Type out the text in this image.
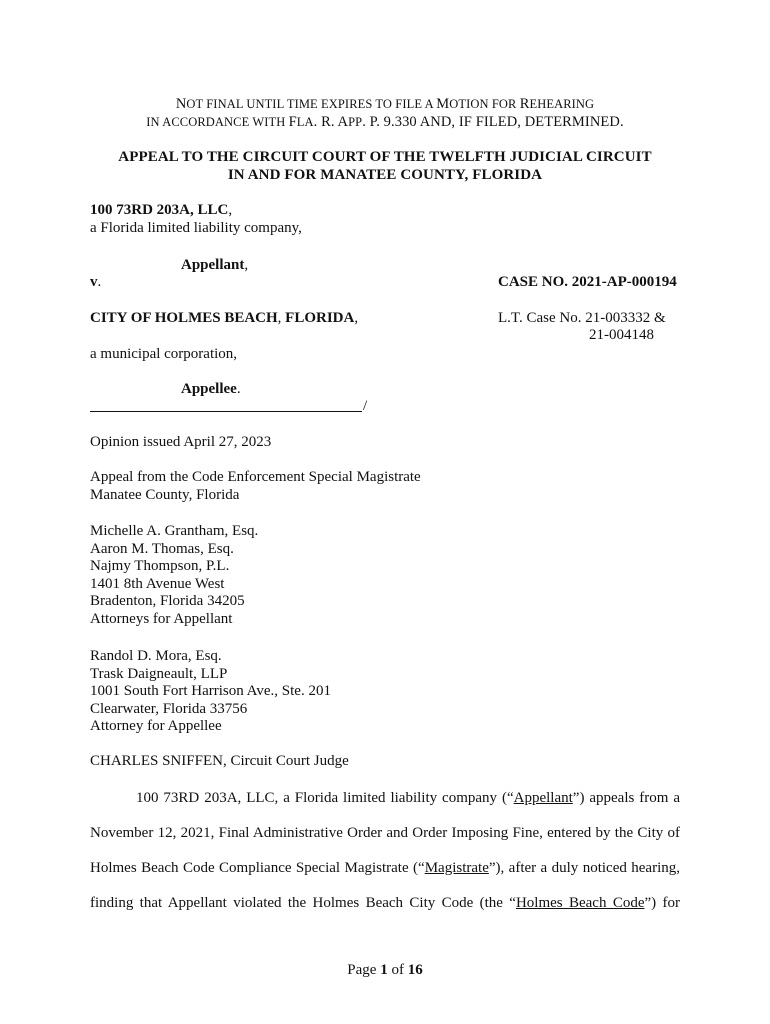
NOT FINAL UNTIL TIME EXPIRES TO FILE A MOTION FOR REHEARING
IN ACCORDANCE WITH FLA. R. APP. P. 9.330 AND, IF FILED, DETERMINED.
APPEAL TO THE CIRCUIT COURT OF THE TWELFTH JUDICIAL CIRCUIT
IN AND FOR MANATEE COUNTY, FLORIDA
100 73RD 203A, LLC,
a Florida limited liability company,
Appellant,
v.	CASE NO. 2021-AP-000194
CITY OF HOLMES BEACH, FLORIDA,	L.T. Case No. 21-003332 &
21-004148
a municipal corporation,
Appellee.
/
Opinion issued April 27, 2023
Appeal from the Code Enforcement Special Magistrate
Manatee County, Florida
Michelle A. Grantham, Esq.
Aaron M. Thomas, Esq.
Najmy Thompson, P.L.
1401 8th Avenue West
Bradenton, Florida 34205
Attorneys for Appellant
Randol D. Mora, Esq.
Trask Daigneault, LLP
1001 South Fort Harrison Ave., Ste. 201
Clearwater, Florida 33756
Attorney for Appellee
CHARLES SNIFFEN, Circuit Court Judge
100 73RD 203A, LLC, a Florida limited liability company (“Appellant”) appeals from a
November 12, 2021, Final Administrative Order and Order Imposing Fine, entered by the City of
Holmes Beach Code Compliance Special Magistrate (“Magistrate”), after a duly noticed hearing,
finding that Appellant violated the Holmes Beach City Code (the “Holmes Beach Code”) for
Page 1 of 16
